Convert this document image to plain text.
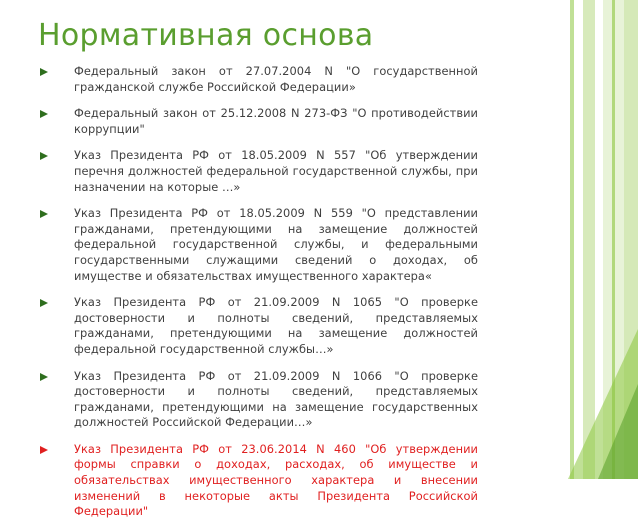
Нормативная основа
Федеральный закон от 27.07.2004 N "О государственной гражданской службе Российской Федерации»
Федеральный закон от 25.12.2008 N 273-ФЗ "О противодействии коррупции"
Указ Президента РФ от 18.05.2009 N 557 "Об утверждении перечня должностей федеральной государственной службы, при назначении на которые …»
Указ Президента РФ от 18.05.2009 N 559 "О представлении гражданами, претендующими на замещение должностей федеральной государственной службы, и федеральными государственными служащими сведений о доходах, об имуществе и обязательствах имущественного характера«
Указ Президента РФ от 21.09.2009 N 1065 "О проверке достоверности и полноты сведений, представляемых гражданами, претендующими на замещение должностей федеральной государственной службы…»
Указ Президента РФ от 21.09.2009 N 1066 "О проверке достоверности и полноты сведений, представляемых гражданами, претендующими на замещение государственных должностей Российской Федерации…»
Указ Президента РФ от 23.06.2014 N 460 "Об утверждении формы справки о доходах, расходах, об имуществе и обязательствах имущественного характера и внесении изменений в некоторые акты Президента Российской Федерации"
